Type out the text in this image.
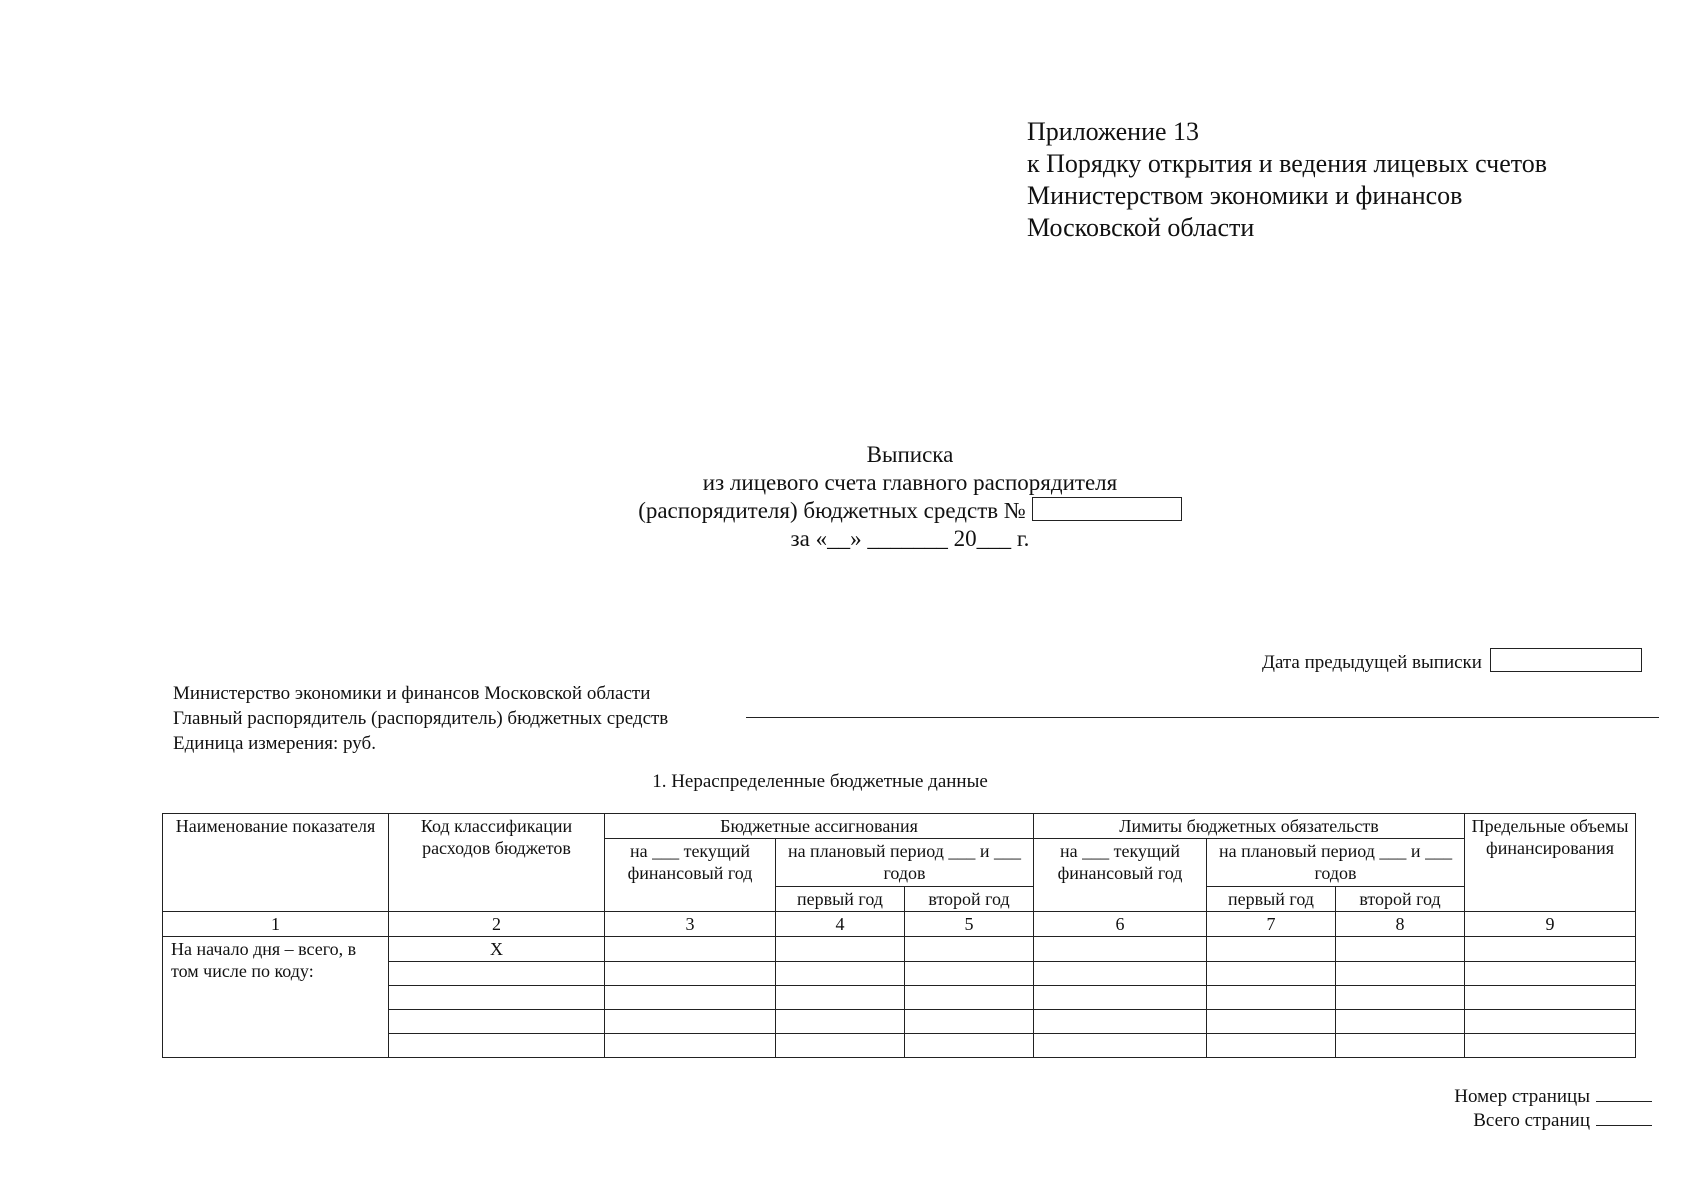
Приложение 13
к Порядку открытия и ведения лицевых счетов
Министерством экономики и финансов
Московской области
Выписка
из лицевого счета главного распорядителя
(распорядителя) бюджетных средств №
за «__» _______ 20___ г.
Дата предыдущей выписки
Министерство экономики и финансов Московской области
Главный распорядитель (распорядитель) бюджетных средств
Единица измерения: руб.
1. Нераспределенные бюджетные данные
Наименование показателя	Код классификации расходов бюджетов	Бюджетные ассигнования			Лимиты бюджетных обязательств			Предельные объемы финансирования
		на ___ текущий финансовый год	на плановый период ___ и ___ годов		на ___ текущий финансовый год	на плановый период ___ и ___ годов		
			первый год	второй год		первый год	второй год	
1	2	3	4	5	6	7	8	9
На начало дня – всего, в том числе по коду:	Х							

Номер страницы
Всего страниц
